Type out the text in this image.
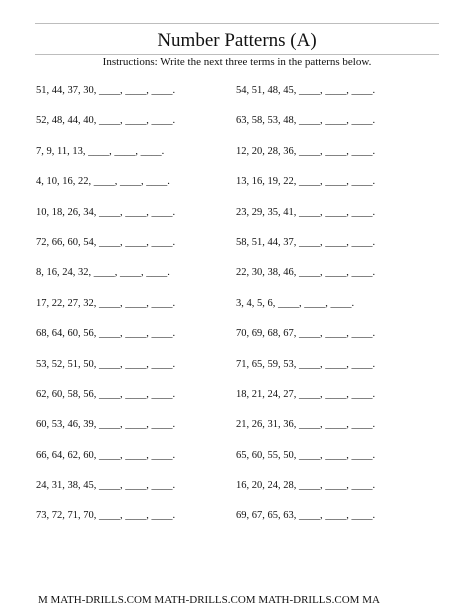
Number Patterns (A)
Instructions: Write the next three terms in the patterns below.
51, 44, 37, 30, ____, ____, ____.	54, 51, 48, 45, ____, ____, ____.
52, 48, 44, 40, ____, ____, ____.	63, 58, 53, 48, ____, ____, ____.
7, 9, 11, 13, ____, ____, ____.	12, 20, 28, 36, ____, ____, ____.
4, 10, 16, 22, ____, ____, ____.	13, 16, 19, 22, ____, ____, ____.
10, 18, 26, 34, ____, ____, ____.	23, 29, 35, 41, ____, ____, ____.
72, 66, 60, 54, ____, ____, ____.	58, 51, 44, 37, ____, ____, ____.
8, 16, 24, 32, ____, ____, ____.	22, 30, 38, 46, ____, ____, ____.
17, 22, 27, 32, ____, ____, ____.	3, 4, 5, 6, ____, ____, ____.
68, 64, 60, 56, ____, ____, ____.	70, 69, 68, 67, ____, ____, ____.
53, 52, 51, 50, ____, ____, ____.	71, 65, 59, 53, ____, ____, ____.
62, 60, 58, 56, ____, ____, ____.	18, 21, 24, 27, ____, ____, ____.
60, 53, 46, 39, ____, ____, ____.	21, 26, 31, 36, ____, ____, ____.
66, 64, 62, 60, ____, ____, ____.	65, 60, 55, 50, ____, ____, ____.
24, 31, 38, 45, ____, ____, ____.	16, 20, 24, 28, ____, ____, ____.
73, 72, 71, 70, ____, ____, ____.	69, 67, 65, 63, ____, ____, ____.
M MATH-DRILLS.COM MATH-DRILLS.COM MATH-DRILLS.COM MA
